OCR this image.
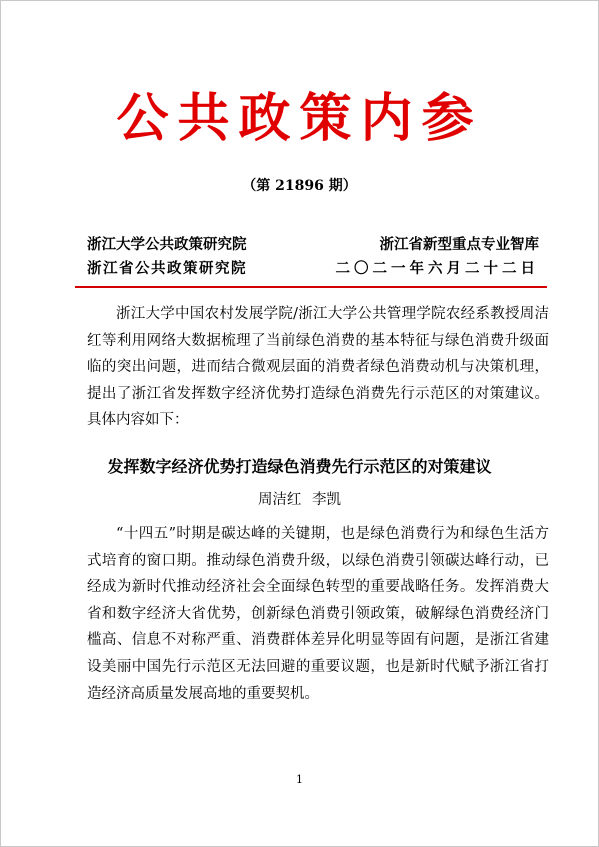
公共政策内参
（第 21896 期）
浙江大学公共政策研究院	浙江省新型重点专业智库
浙江省公共政策研究院	二〇二一年六月二十二日

浙江大学中国农村发展学院/浙江大学公共管理学院农经系教授周洁红等利用网络大数据梳理了当前绿色消费的基本特征与绿色消费升级面临的突出问题，进而结合微观层面的消费者绿色消费动机与决策机理，提出了浙江省发挥数字经济优势打造绿色消费先行示范区的对策建议。具体内容如下：

发挥数字经济优势打造绿色消费先行示范区的对策建议
周洁红 李凯

“十四五”时期是碳达峰的关键期，也是绿色消费行为和绿色生活方式培育的窗口期。推动绿色消费升级，以绿色消费引领碳达峰行动，已经成为新时代推动经济社会全面绿色转型的重要战略任务。发挥消费大省和数字经济大省优势，创新绿色消费引领政策，破解绿色消费经济门槛高、信息不对称严重、消费群体差异化明显等固有问题，是浙江省建设美丽中国先行示范区无法回避的重要议题，也是新时代赋予浙江省打造经济高质量发展高地的重要契机。

1
